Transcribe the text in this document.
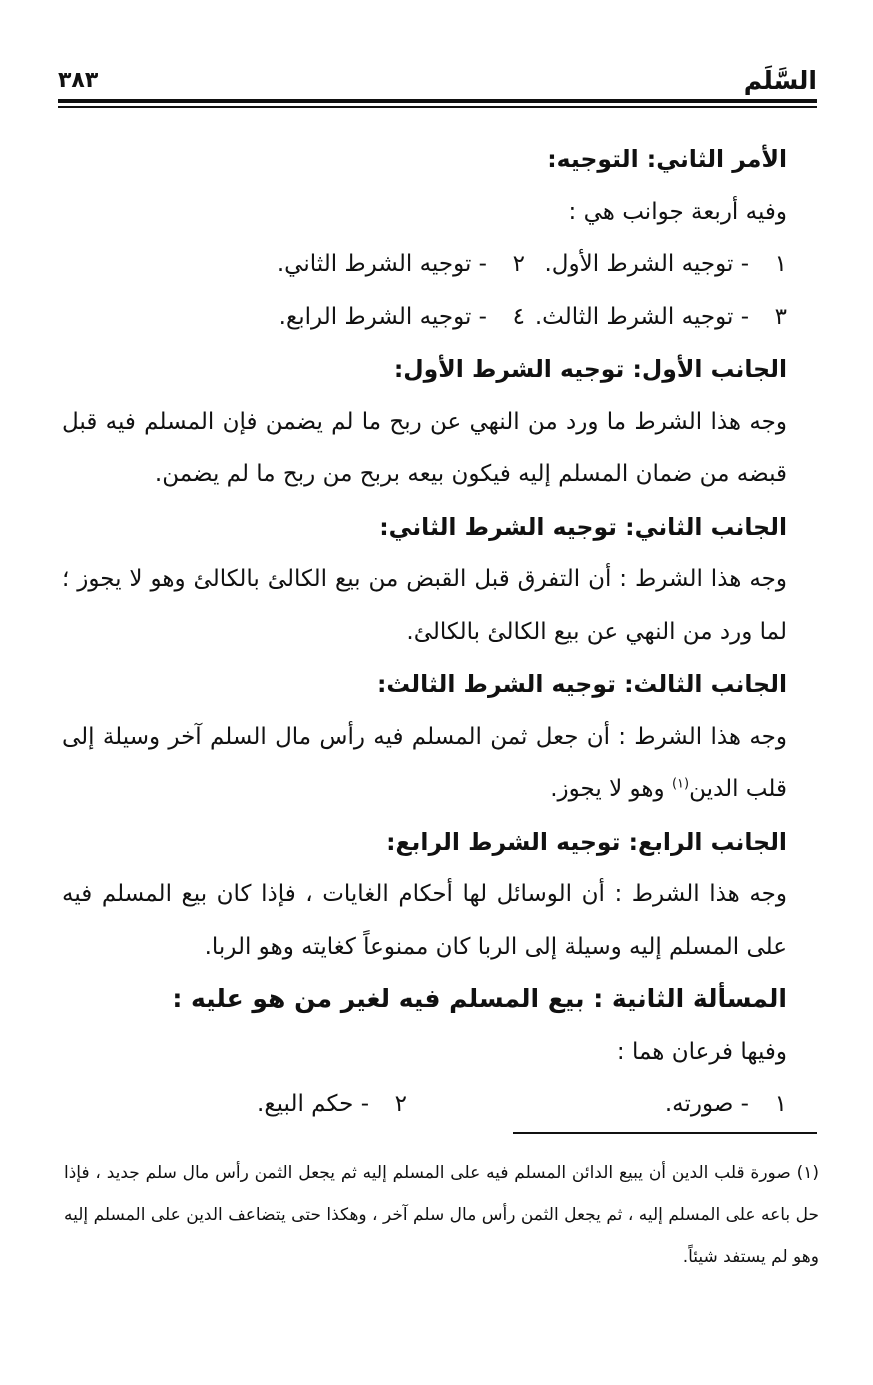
السَّلَم
٣٨٣

الأمر الثاني: التوجيه:

وفيه أربعة جوانب هي :

١- توجيه الشرط الأول.
٢- توجيه الشرط الثاني.
٣- توجيه الشرط الثالث.
٤- توجيه الشرط الرابع.

الجانب الأول: توجيه الشرط الأول:

وجه هذا الشرط ما ورد من النهي عن ربح ما لم يضمن فإن المسلم فيه قبل قبضه من ضمان المسلم إليه فيكون بيعه بربح من ربح ما لم يضمن.

الجانب الثاني: توجيه الشرط الثاني:

وجه هذا الشرط : أن التفرق قبل القبض من بيع الكالئ بالكالئ وهو لا يجوز ؛ لما ورد من النهي عن بيع الكالئ بالكالئ.

الجانب الثالث: توجيه الشرط الثالث:

وجه هذا الشرط : أن جعل ثمن المسلم فيه رأس مال السلم آخر وسيلة إلى قلب الدين$^{(١)}$ وهو لا يجوز.

الجانب الرابع: توجيه الشرط الرابع:

وجه هذا الشرط : أن الوسائل لها أحكام الغايات ، فإذا كان بيع المسلم فيه على المسلم إليه وسيلة إلى الربا كان ممنوعاً كغايته وهو الربا.

المسألة الثانية : بيع المسلم فيه لغير من هو عليه :

وفيها فرعان هما :

١- صورته.
٢- حكم البيع.

(١) صورة قلب الدين أن يبيع الدائن المسلم فيه على المسلم إليه ثم يجعل الثمن رأس مال سلم جديد ، فإذا حل باعه على المسلم إليه ، ثم يجعل الثمن رأس مال سلم آخر ، وهكذا حتى يتضاعف الدين على المسلم إليه وهو لم يستفد شيئاً.
